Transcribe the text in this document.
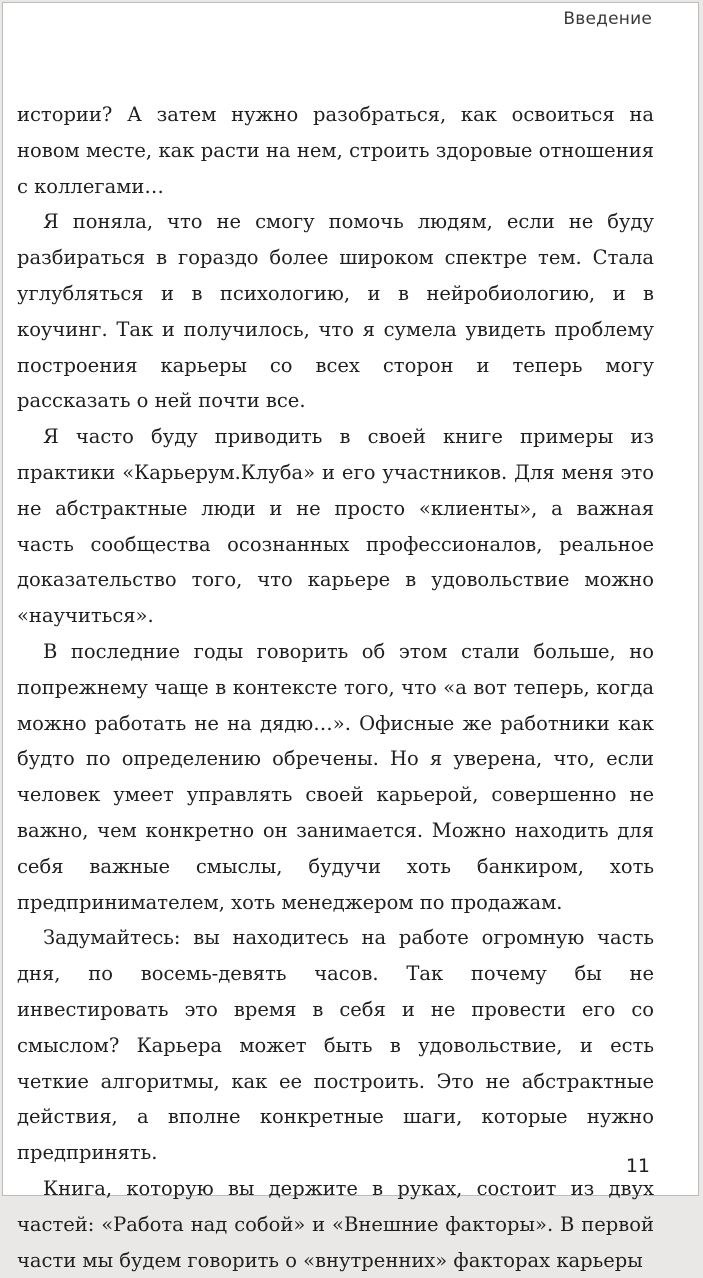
Введение

истории? А затем нужно разобраться, как освоиться на новом месте, как расти на нем, строить здоровые отношения с коллегами…

Я поняла, что не смогу помочь людям, если не буду разбираться в гораздо более широком спектре тем. Стала углубляться и в психологию, и в нейробиологию, и в коучинг. Так и получилось, что я сумела увидеть проблему построения карьеры со всех сторон и теперь могу рассказать о ней почти все.

Я часто буду приводить в своей книге примеры из практики «Карьерум.Клуба» и его участников. Для меня это не абстрактные люди и не просто «клиенты», а важная часть сообщества осознанных профессионалов, реальное доказательство того, что карьере в удовольствие можно «научиться».

В последние годы говорить об этом стали больше, но попрежнему чаще в контексте того, что «а вот теперь, когда можно работать не на дядю…». Офисные же работники как будто по определению обречены. Но я уверена, что, если человек умеет управлять своей карьерой, совершенно не важно, чем конкретно он занимается. Можно находить для себя важные смыслы, будучи хоть банкиром, хоть предпринимателем, хоть менеджером по продажам.

Задумайтесь: вы находитесь на работе огромную часть дня, по восемь-девять часов. Так почему бы не инвестировать это время в себя и не провести его со смыслом? Карьера может быть в удовольствие, и есть четкие алгоритмы, как ее построить. Это не абстрактные действия, а вполне конкретные шаги, которые нужно предпринять.

Книга, которую вы держите в руках, состоит из двух частей: «Работа над собой» и «Внешние факторы». В первой части мы будем говорить о «внутренних» факторах карьеры

11
